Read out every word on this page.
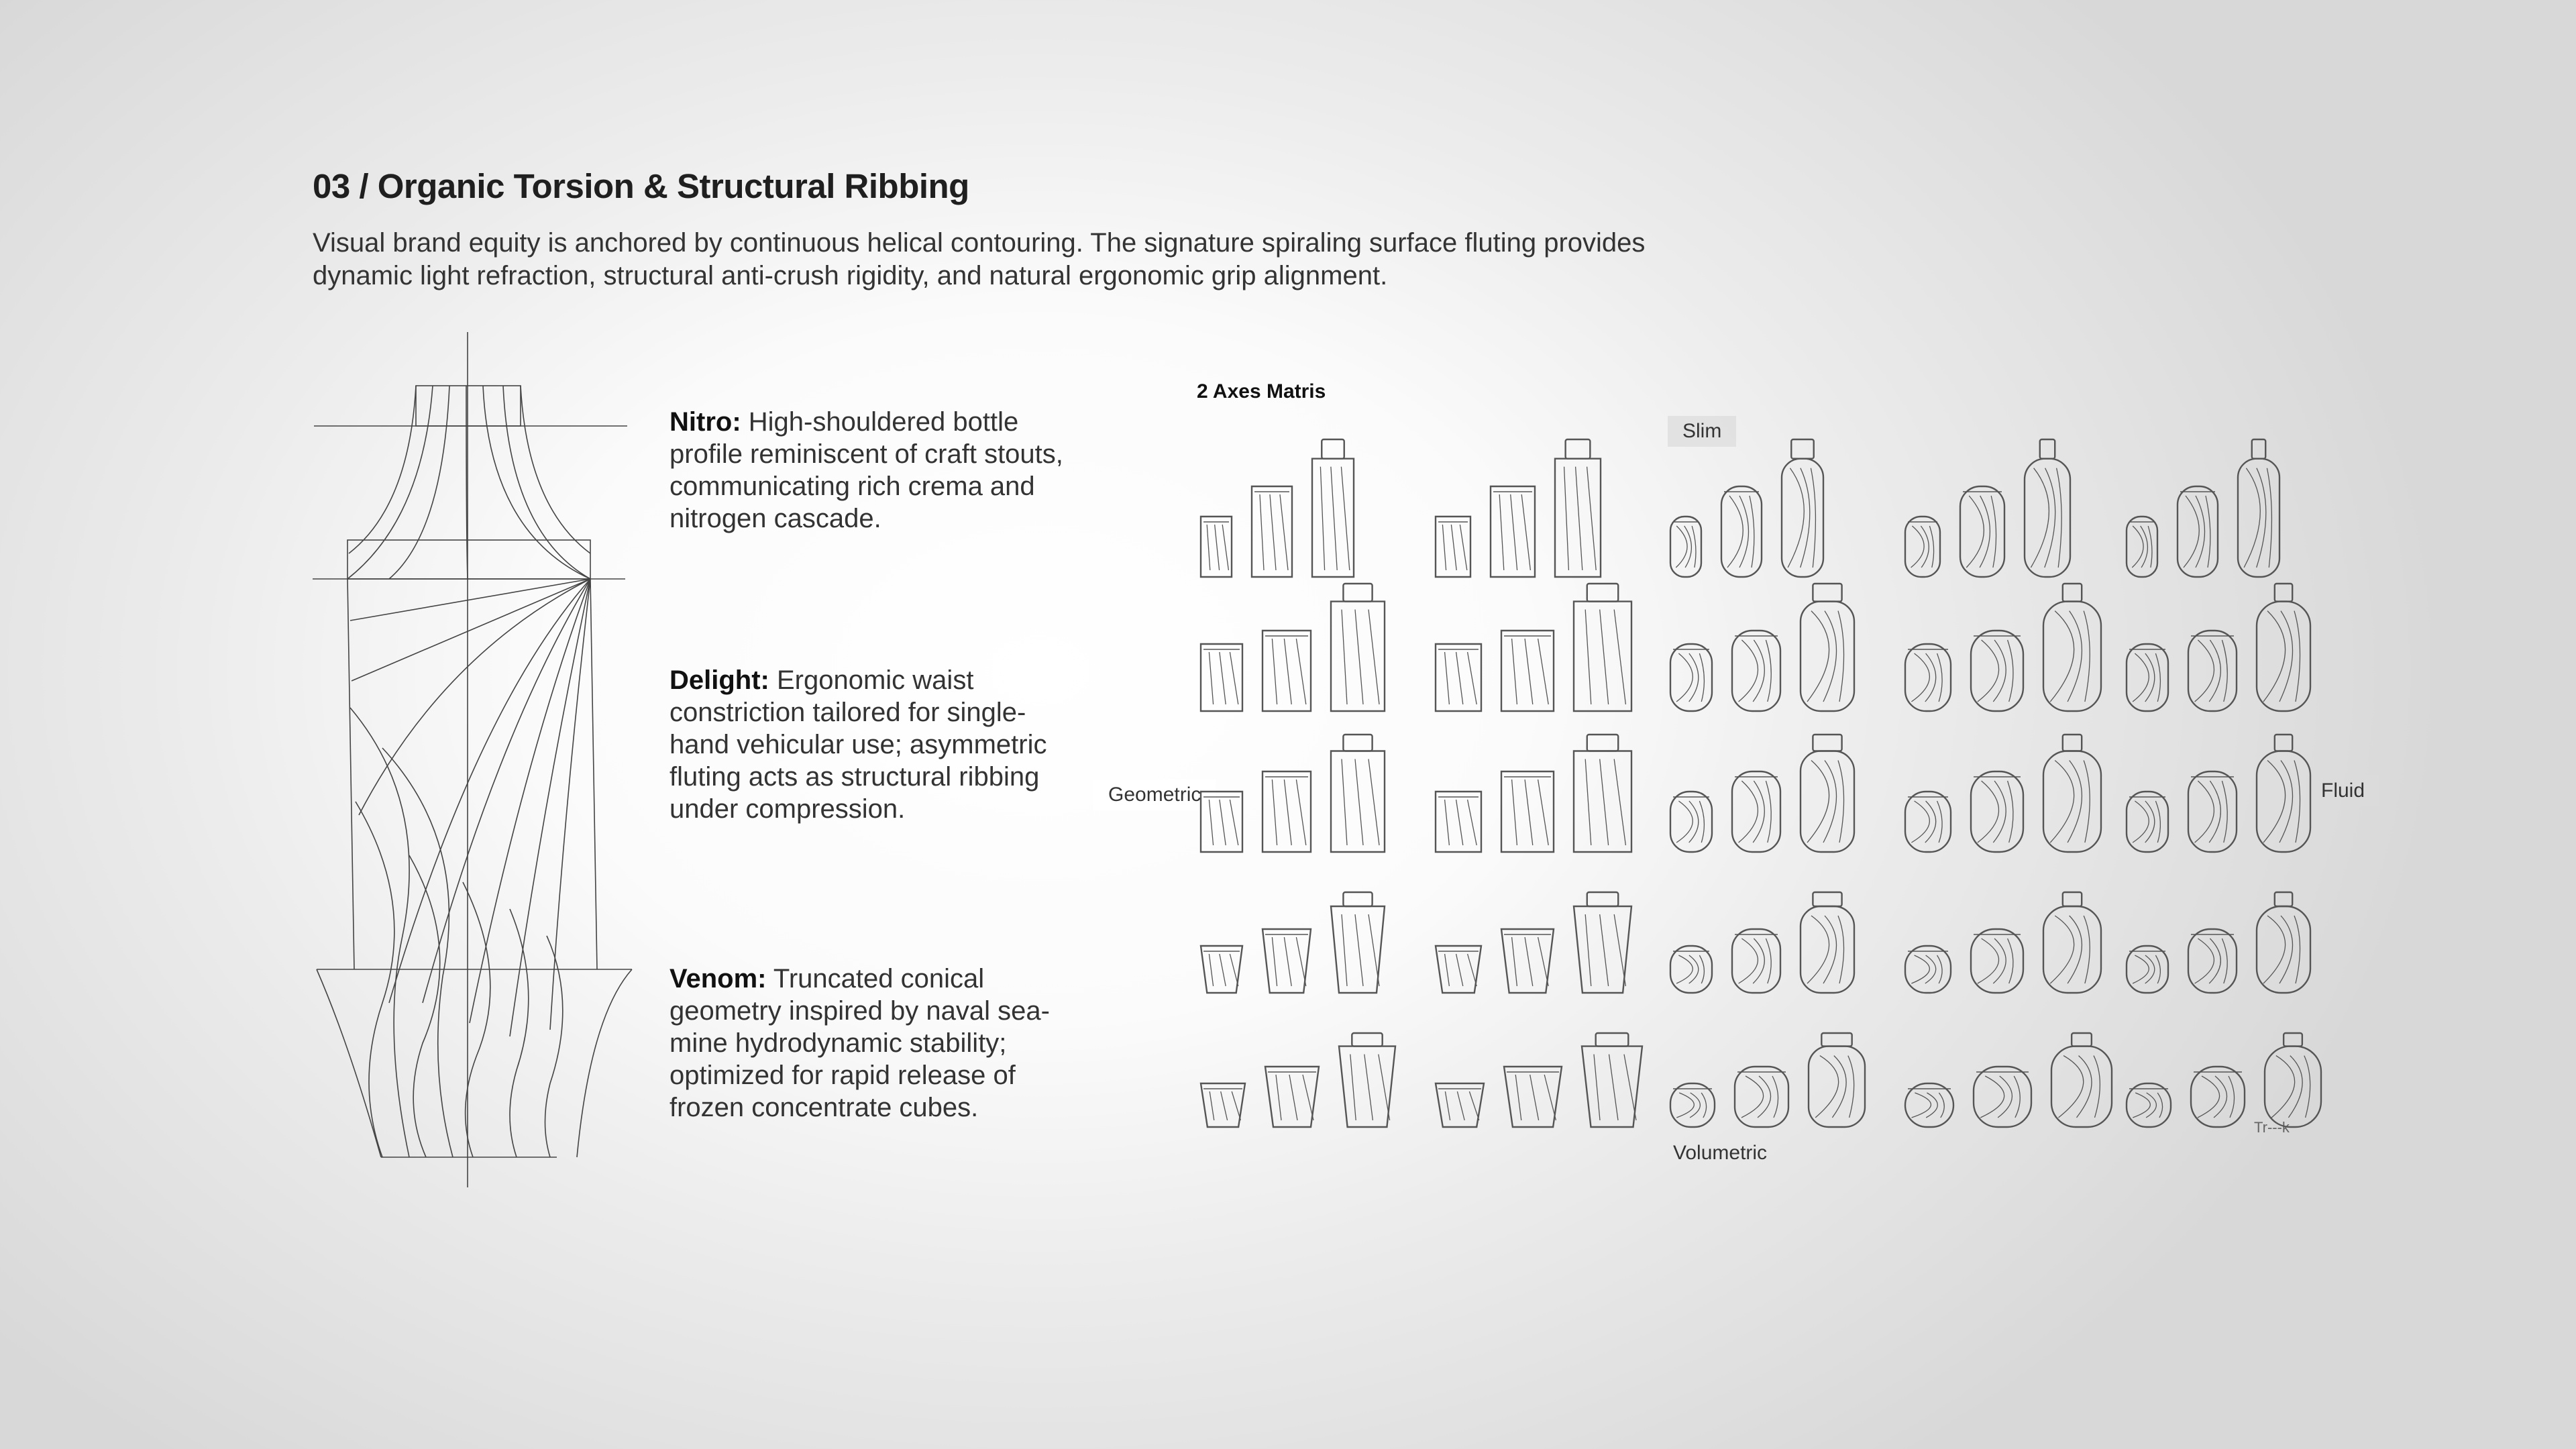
03 / Organic Torsion & Structural Ribbing

Visual brand equity is anchored by continuous helical contouring. The signature spiraling surface fluting provides dynamic light refraction, structural anti-crush rigidity, and natural ergonomic grip alignment.

Nitro: High-shouldered bottle profile reminiscent of craft stouts, communicating rich crema and nitrogen cascade.

Delight: Ergonomic waist constriction tailored for single-hand vehicular use; asymmetric fluting acts as structural ribbing under compression.

Venom: Truncated conical geometry inspired by naval sea-mine hydrodynamic stability; optimized for rapid release of frozen concentrate cubes.

2 Axes Matris
Slim
Geometric	Fluid
Volumetric
Tr---k
